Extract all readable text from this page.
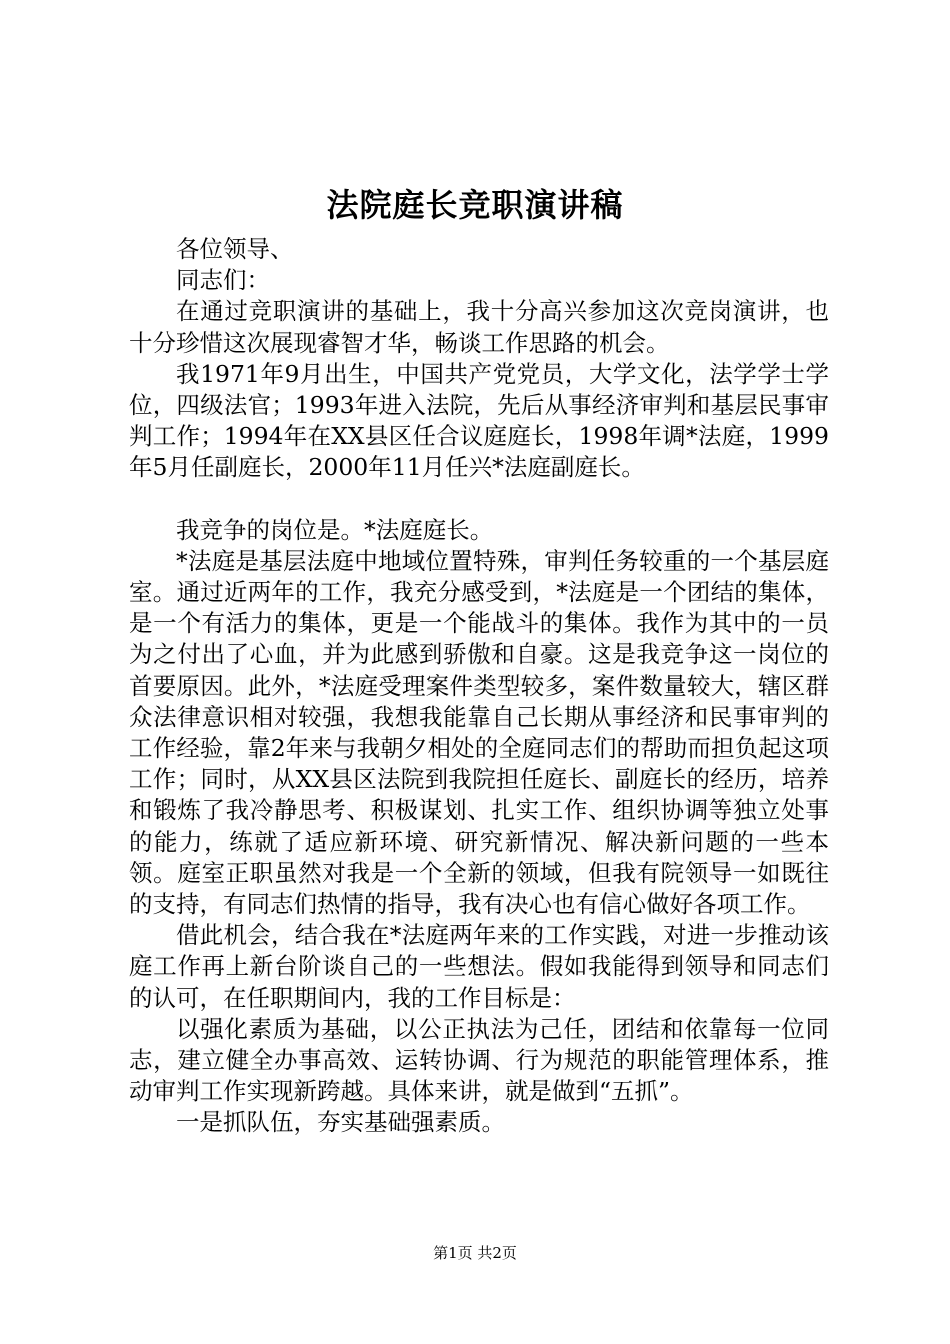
法院庭长竞职演讲稿

各位领导、

同志们：

在通过竞职演讲的基础上，我十分高兴参加这次竞岗演讲，也十分珍惜这次展现睿智才华，畅谈工作思路的机会。

我1971年9月出生，中国共产党党员，大学文化，法学学士学位，四级法官；1993年进入法院，先后从事经济审判和基层民事审判工作；1994年在XX县区任合议庭庭长，1998年调*法庭，1999年5月任副庭长，2000年11月任兴*法庭副庭长。

我竞争的岗位是。*法庭庭长。

*法庭是基层法庭中地域位置特殊，审判任务较重的一个基层庭室。通过近两年的工作，我充分感受到，*法庭是一个团结的集体，是一个有活力的集体，更是一个能战斗的集体。我作为其中的一员为之付出了心血，并为此感到骄傲和自豪。这是我竞争这一岗位的首要原因。此外，*法庭受理案件类型较多，案件数量较大，辖区群众法律意识相对较强，我想我能靠自己长期从事经济和民事审判的工作经验，靠2年来与我朝夕相处的全庭同志们的帮助而担负起这项工作；同时，从XX县区法院到我院担任庭长、副庭长的经历，培养和锻炼了我冷静思考、积极谋划、扎实工作、组织协调等独立处事的能力，练就了适应新环境、研究新情况、解决新问题的一些本领。庭室正职虽然对我是一个全新的领域，但我有院领导一如既往的支持，有同志们热情的指导，我有决心也有信心做好各项工作。

借此机会，结合我在*法庭两年来的工作实践，对进一步推动该庭工作再上新台阶谈自己的一些想法。假如我能得到领导和同志们的认可，在任职期间内，我的工作目标是：

以强化素质为基础，以公正执法为己任，团结和依靠每一位同志，建立健全办事高效、运转协调、行为规范的职能管理体系，推动审判工作实现新跨越。具体来讲，就是做到“五抓”。

一是抓队伍，夯实基础强素质。

第1页 共2页
